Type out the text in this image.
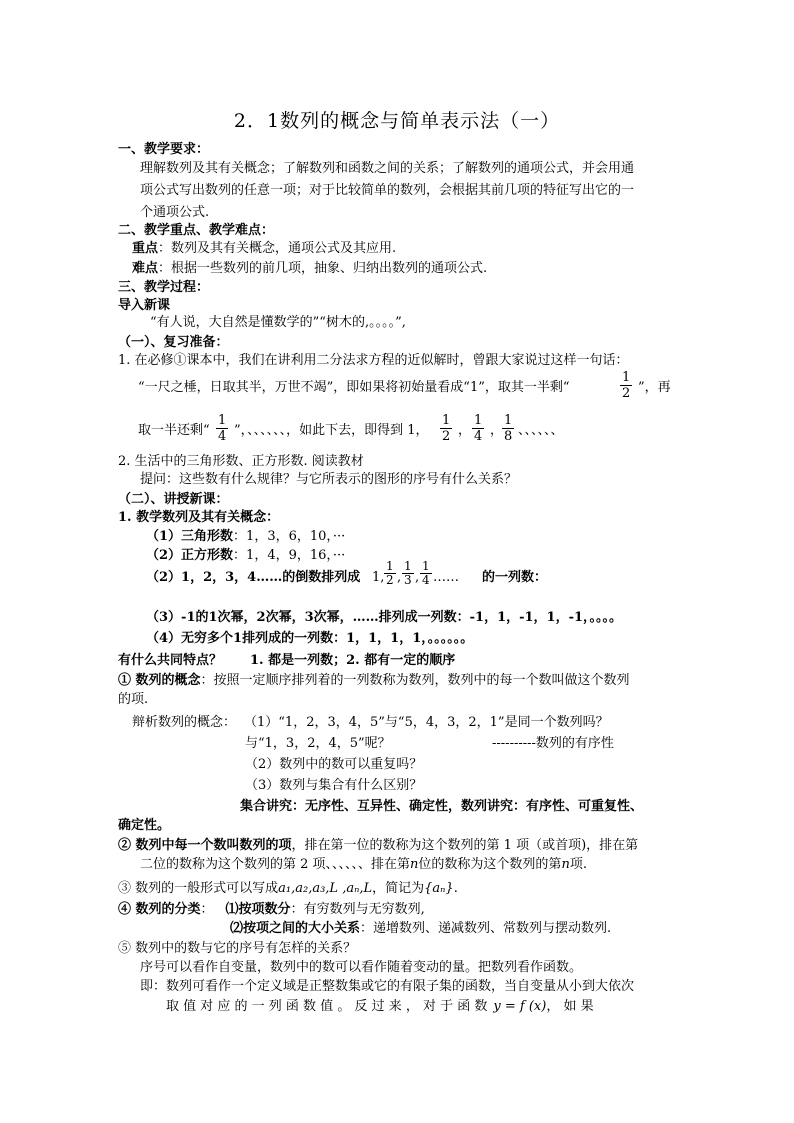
2．1数列的概念与简单表示法（一）
一、教学要求：
理解数列及其有关概念；了解数列和函数之间的关系；了解数列的通项公式，并会用通
项公式写出数列的任意一项；对于比较简单的数列，会根据其前几项的特征写出它的一
个通项公式.
二、教学重点、教学难点：
重点：数列及其有关概念，通项公式及其应用.
难点：根据一些数列的前几项，抽象、归纳出数列的通项公式.
三、教学过程：
导入新课
“有人说，大自然是懂数学的”“树木的,。。。。”,
（一）、复习准备：
1. 在必修①课本中，我们在讲利用二分法求方程的近似解时，曾跟大家说过这样一句话：
“一尺之棰，日取其半，万世不竭”，即如果将初始量看成“1”，取其一半剩“	$\frac{1}{2}$ ”，再
取一半还剩“ $\frac{1}{4}$ ”，、、、、、、，如此下去，即得到 1， $\frac{1}{2}$ ， $\frac{1}{4}$ ，
$\frac{1}{8}$ 、、、、、、
2. 生活中的三角形数、正方形数. 阅读教材
提问：这些数有什么规律？与它所表示的图形的序号有什么关系？
（二）、讲授新课：
1. 教学数列及其有关概念：
（1）三角形数：1，3，6，10，···
（2）正方形数：1，4，9，16，···
（2）1，2，3，4……的倒数排列成 1, $\frac{1}{2}$ , $\frac{1}{3}$ , $\frac{1}{4}$ …… 的一列数：
（3）-1的1次幂，2次幂，3次幂，……排列成一列数：-1，1，-1，1，-1，。。。。
（4）无穷多个1排列成的一列数：1，1，1，1，。。。。。。
有什么共同特点？ 1. 都是一列数；2. 都有一定的顺序
① 数列的概念：按照一定顺序排列着的一列数称为数列，数列中的每一个数叫做这个数列
的项.
辩析数列的概念： （1）“1，2，3，4，5”与“5，4，3，2，1”是同一个数列吗？
与“1，3，2，4，5”呢？	----------数列的有序性
（2）数列中的数可以重复吗？
（3）数列与集合有什么区别？
集合讲究：无序性、互异性、确定性，数列讲究：有序性、可重复性、
确定性。
② 数列中每一个数叫数列的项，排在第一位的数称为这个数列的第 1 项（或首项)，排在第
二位的数称为这个数列的第 2 项、、、、、、排在第n位的数称为这个数列的第n项.
③ 数列的一般形式可以写成a₁,a₂,a₃,L ,aₙ,L，简记为{aₙ}.
④ 数列的分类： ⑴按项数分：有穷数列与无穷数列,
⑵按项之间的大小关系：递增数列、递减数列、常数列与摆动数列.
⑤ 数列中的数与它的序号有怎样的关系？
序号可以看作自变量，数列中的数可以看作随着变动的量。把数列看作函数。
即：数列可看作一个定义域是正整数集或它的有限子集的函数，当自变量从小到大依次
取 值 对 应 的 一 列 函 数 值 。 反 过 来 ， 对 于 函 数 y = f (x)， 如 果
